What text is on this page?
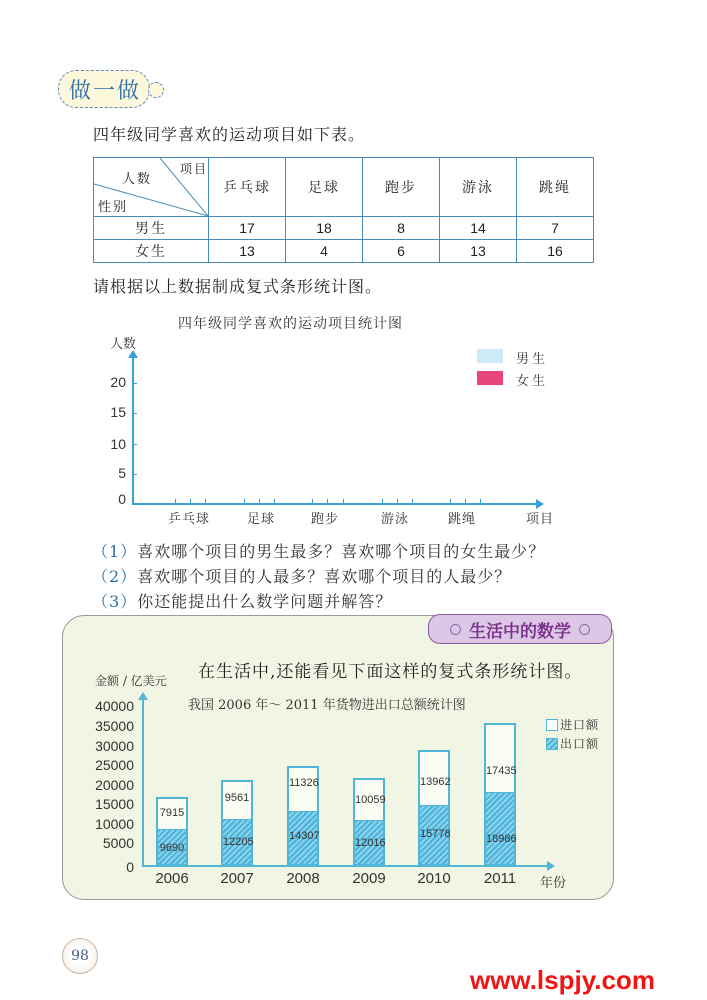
做一做
四年级同学喜欢的运动项目如下表。
项目
人数
性别	乒乓球	足球	跑步	游泳	跳绳
男生	17	18	8	14	7
女生	13	4	6	13	16
请根据以上数据制成复式条形统计图。
四年级同学喜欢的运动项目统计图
人数
男生
女生
20
15
10
5
0
乒乓球	足球	跑步	游泳	跳绳	项目
（1）喜欢哪个项目的男生最多？喜欢哪个项目的女生最少？
（2）喜欢哪个项目的人最多？喜欢哪个项目的人最少？
（3）你还能提出什么数学问题并解答？
生活中的数学
在生活中,还能看见下面这样的复式条形统计图。
金额 / 亿美元
我国 2006 年～ 2011 年货物进出口总额统计图
进口额
出口额
40000
35000
30000
25000
20000
15000
10000
5000
0
9690
7915
12205
9561
14307
11326
12016
10059
15778
13962
18986
17435
2006	2007	2008	2009	2010	2011	年份
98
www.lspjy.com
